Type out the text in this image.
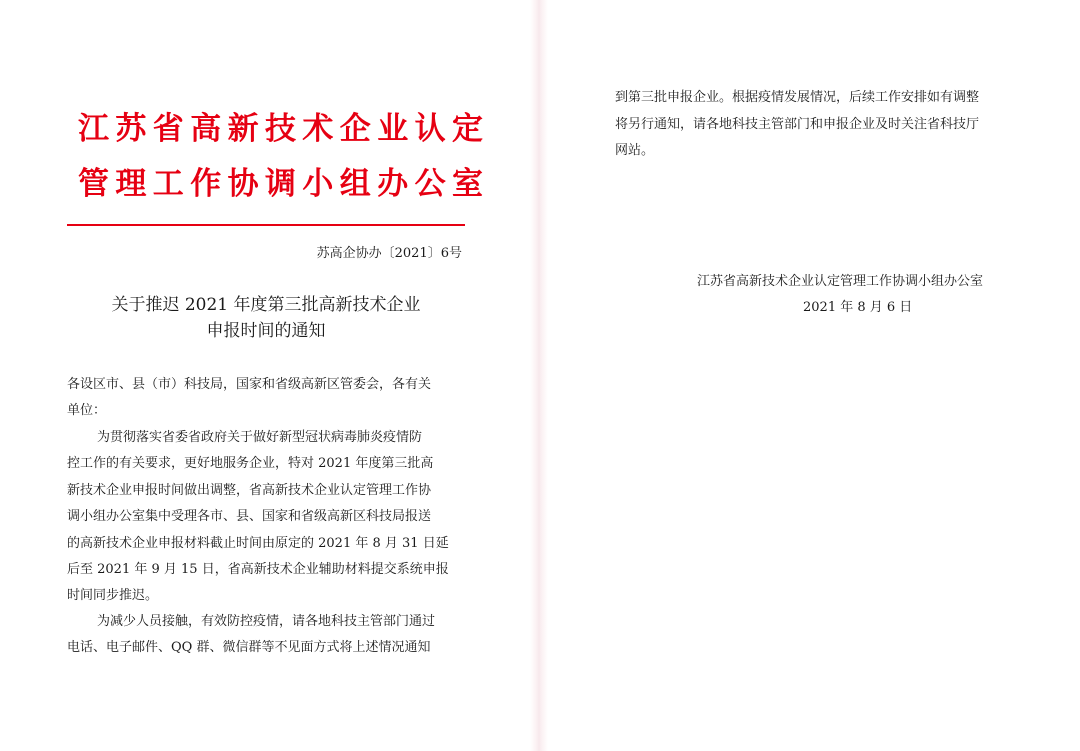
江苏省高新技术企业认定
管理工作协调小组办公室
苏高企协办〔2021〕6号
关于推迟 2021 年度第三批高新技术企业
申报时间的通知
各设区市、县（市）科技局，国家和省级高新区管委会，各有关
单位：
为贯彻落实省委省政府关于做好新型冠状病毒肺炎疫情防
控工作的有关要求，更好地服务企业，特对 2021 年度第三批高
新技术企业申报时间做出调整，省高新技术企业认定管理工作协
调小组办公室集中受理各市、县、国家和省级高新区科技局报送
的高新技术企业申报材料截止时间由原定的 2021 年 8 月 31 日延
后至 2021 年 9 月 15 日，省高新技术企业辅助材料提交系统申报
时间同步推迟。
为减少人员接触，有效防控疫情，请各地科技主管部门通过
电话、电子邮件、QQ 群、微信群等不见面方式将上述情况通知
到第三批申报企业。根据疫情发展情况，后续工作安排如有调整
将另行通知，请各地科技主管部门和申报企业及时关注省科技厅
网站。
江苏省高新技术企业认定管理工作协调小组办公室
2021 年 8 月 6 日
